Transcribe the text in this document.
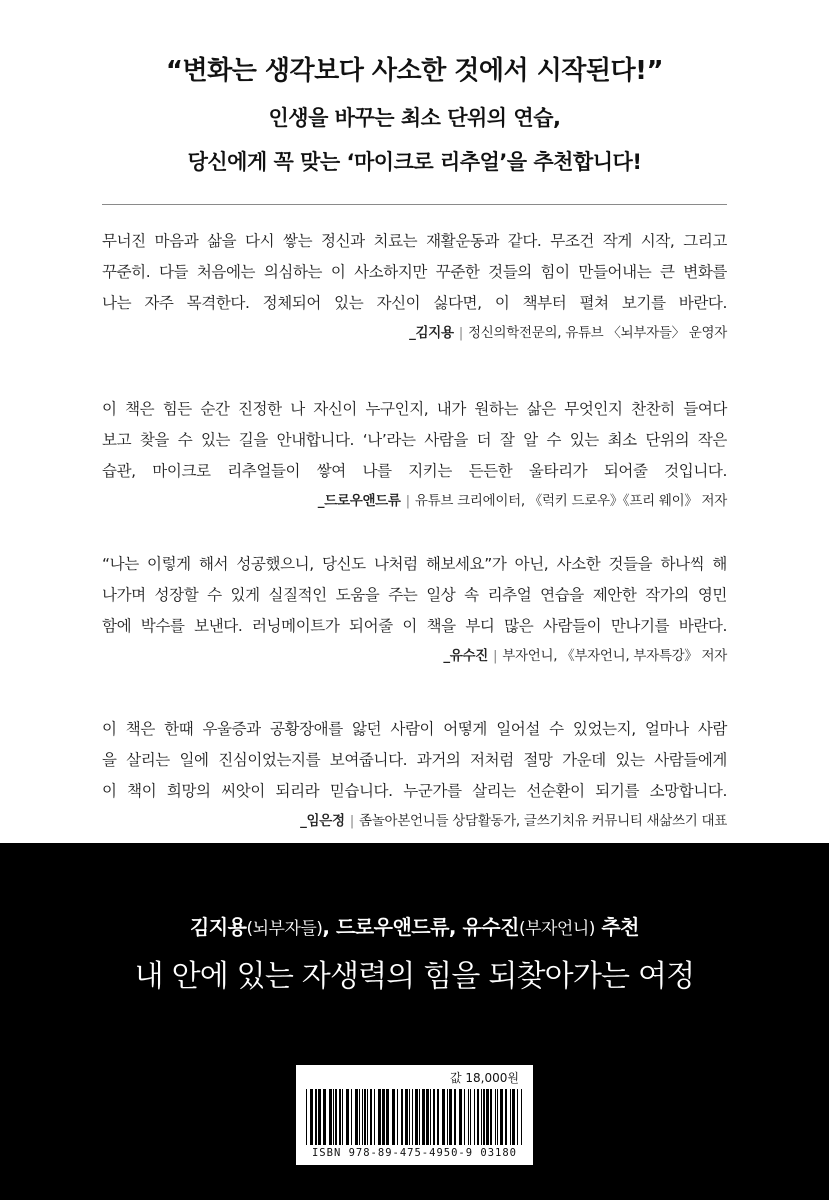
“변화는 생각보다 사소한 것에서 시작된다!”
인생을 바꾸는 최소 단위의 연습,
당신에게 꼭 맞는 ‘마이크로 리추얼’을 추천합니다!
무너진 마음과 삶을 다시 쌓는 정신과 치료는 재활운동과 같다. 무조건 작게 시작, 그리고
꾸준히. 다들 처음에는 의심하는 이 사소하지만 꾸준한 것들의 힘이 만들어내는 큰 변화를
나는 자주 목격한다. 정체되어 있는 자신이 싫다면, 이 책부터 펼쳐 보기를 바란다.
_김지용 | 정신의학전문의, 유튜브 〈뇌부자들〉 운영자
이 책은 힘든 순간 진정한 나 자신이 누구인지, 내가 원하는 삶은 무엇인지 찬찬히 들여다
보고 찾을 수 있는 길을 안내합니다. ‘나’라는 사람을 더 잘 알 수 있는 최소 단위의 작은
습관, 마이크로 리추얼들이 쌓여 나를 지키는 든든한 울타리가 되어줄 것입니다.
_드로우앤드류 | 유튜브 크리에이터, 《럭키 드로우》《프리 웨이》 저자
“나는 이렇게 해서 성공했으니, 당신도 나처럼 해보세요”가 아닌, 사소한 것들을 하나씩 해
나가며 성장할 수 있게 실질적인 도움을 주는 일상 속 리추얼 연습을 제안한 작가의 영민
함에 박수를 보낸다. 러닝메이트가 되어줄 이 책을 부디 많은 사람들이 만나기를 바란다.
_유수진 | 부자언니, 《부자언니, 부자특강》 저자
이 책은 한때 우울증과 공황장애를 앓던 사람이 어떻게 일어설 수 있었는지, 얼마나 사람
을 살리는 일에 진심이었는지를 보여줍니다. 과거의 저처럼 절망 가운데 있는 사람들에게
이 책이 희망의 씨앗이 되리라 믿습니다. 누군가를 살리는 선순환이 되기를 소망합니다.
_임은정 | 좀놀아본언니들 상담활동가, 글쓰기치유 커뮤니티 새삶쓰기 대표
김지용(뇌부자들), 드로우앤드류, 유수진(부자언니) 추천
내 안에 있는 자생력의 힘을 되찾아가는 여정
값 18,000원
ISBN 978-89-475-4950-9 03180
